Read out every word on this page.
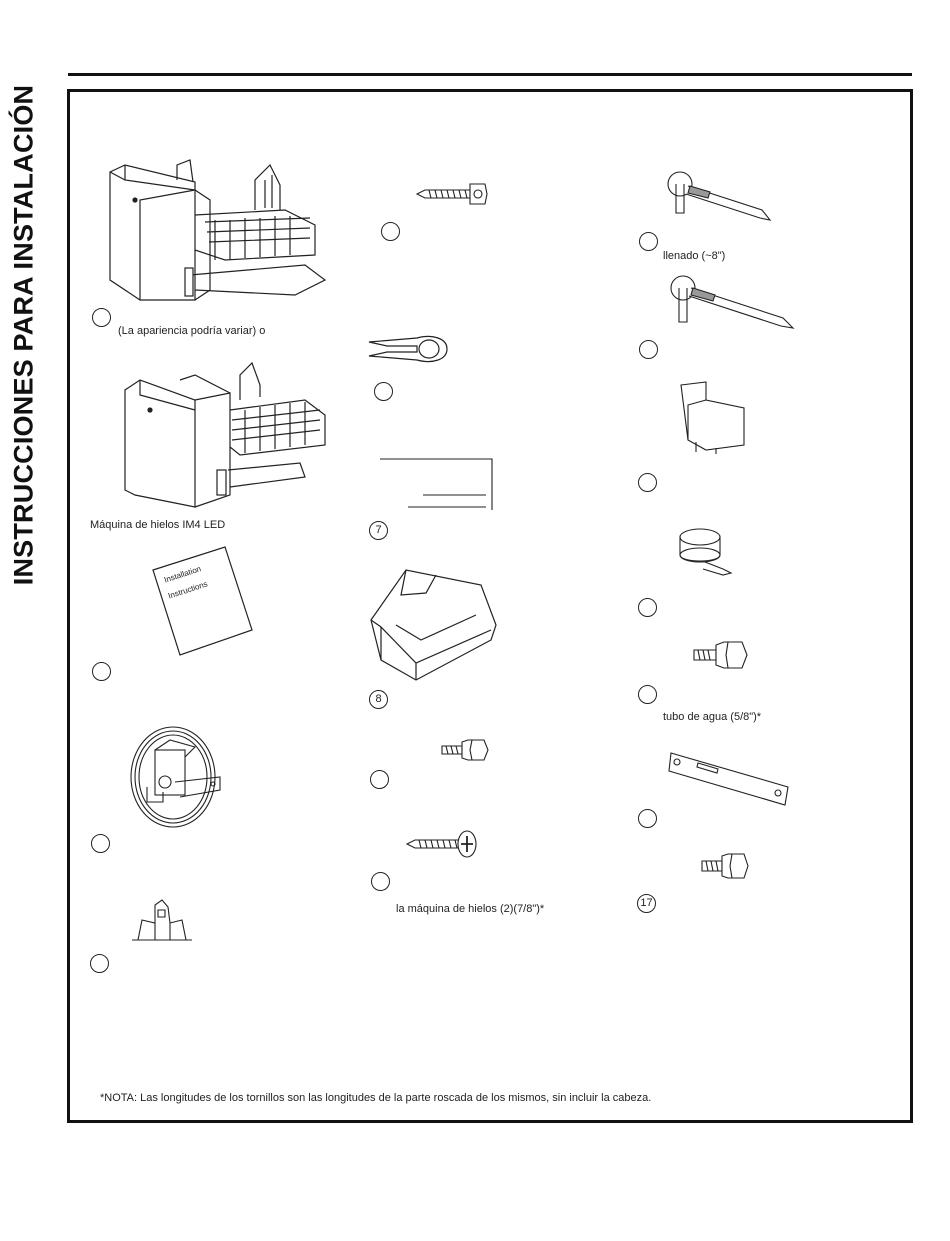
INSTRUCCIONES PARA INSTALACIÓN	(La apariencia podría variar) o
Máquina de hielos IM4 LED
Installation
Instructions
7
8
la máquina de hielos (2)(7/8")*
llenado (~8")
tubo de agua (5/8")*
17
*NOTA: Las longitudes de los tornillos son las longitudes de la parte roscada de los mismos, sin incluir la cabeza.
